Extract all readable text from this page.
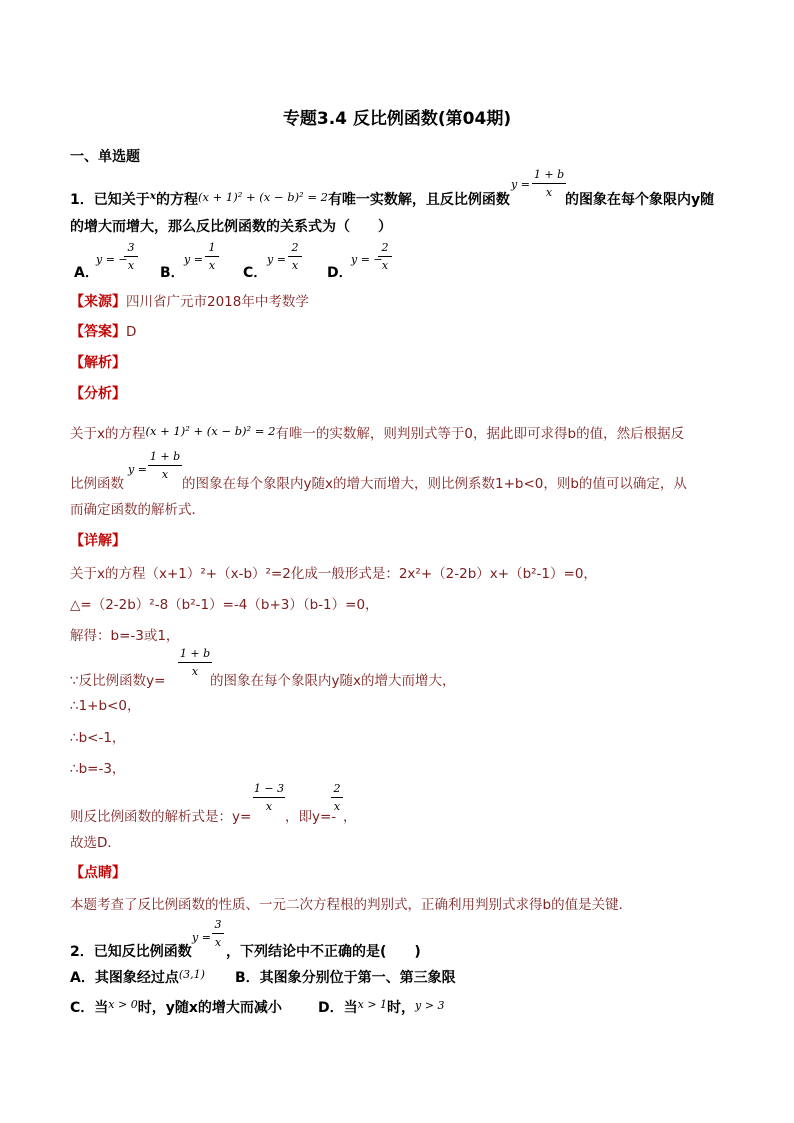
专题3.4 反比例函数(第04期)
一、单选题
1．已知关于$^x$的方程$^{(x + 1)^2 + (x - b)^2 = 2}$有唯一实数解，且反比例函数
y =
1 + b
x 的图象在每个象限内y随
的增大而增大，那么反比例函数的关系式为（　　）
A．
y = −
3
x B．
y =
1
x C．
y =
2
x D．
y = −
2
x
【来源】四川省广元市2018年中考数学
【答案】D
【解析】
【分析】
关于x的方程(x + 1)² + (x − b)² = 2有唯一的实数解，则判别式等于0，据此即可求得b的值，然后根据反
比例函数
y =
1 + b
x
的图象在每个象限内y随x的增大而增大，则比例系数1+b<0，则b的值可以确定，从
而确定函数的解析式．
【详解】
关于x的方程（x+1）²+（x-b）²=2化成一般形式是：2x²+（2-2b）x+（b²-1）=0，
△=（2-2b）²-8（b²-1）=-4（b+3）（b-1）=0，
解得：b=-3或1，
∵反比例函数y=
1 + b
x
的图象在每个象限内y随x的增大而增大，
∴1+b<0，
∴b<-1，
∴b=-3，
则反比例函数的解析式是：y=
1 − 3
x
，即y=-
2
x
，
故选D．
【点睛】
本题考查了反比例函数的性质、一元二次方程根的判别式，正确利用判别式求得b的值是关键．
2．已知反比例函数
y =
3
x
，下列结论中不正确的是(　　)
A．其图象经过点$^{(3,1)}$ B．其图象分别位于第一、第三象限
C．当$^{x > 0}$时，y随x的增大而减小	D．当$^{x > 1}$时，$^{y > 3}$
